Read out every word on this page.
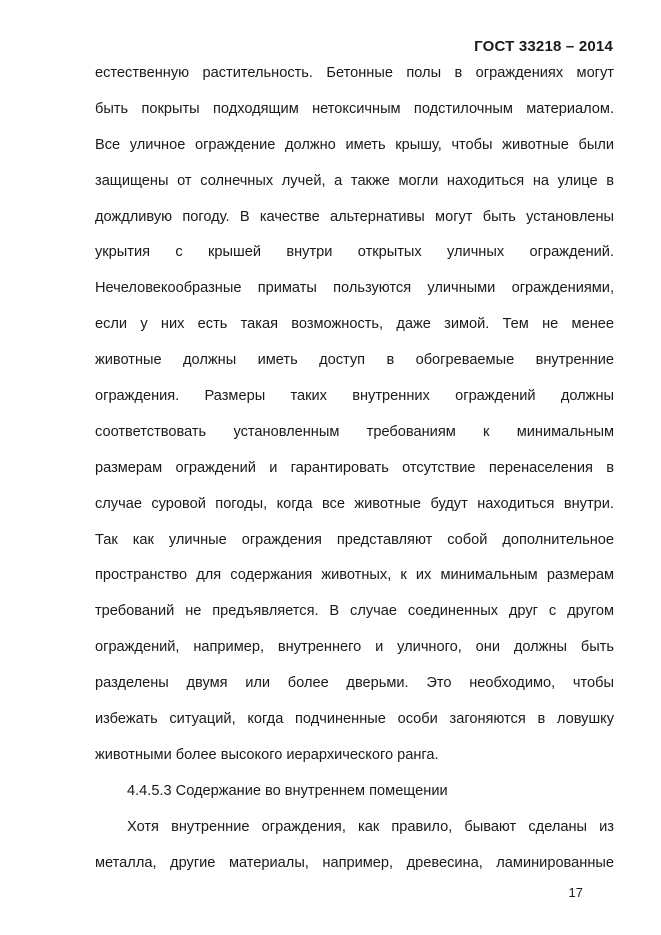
ГОСТ 33218 – 2014
естественную растительность. Бетонные полы в ограждениях могут
быть покрыты подходящим нетоксичным подстилочным материалом.
Все уличное ограждение должно иметь крышу, чтобы животные были
защищены от солнечных лучей, а также могли находиться на улице в
дождливую погоду. В качестве альтернативы могут быть установлены
укрытия с крышей внутри открытых уличных ограждений.
Нечеловекообразные приматы пользуются уличными ограждениями,
если у них есть такая возможность, даже зимой. Тем не менее
животные должны иметь доступ в обогреваемые внутренние
ограждения. Размеры таких внутренних ограждений должны
соответствовать установленным требованиям к минимальным
размерам ограждений и гарантировать отсутствие перенаселения в
случае суровой погоды, когда все животные будут находиться внутри.
Так как уличные ограждения представляют собой дополнительное
пространство для содержания животных, к их минимальным размерам
требований не предъявляется. В случае соединенных друг с другом
ограждений, например, внутреннего и уличного, они должны быть
разделены двумя или более дверьми. Это необходимо, чтобы
избежать ситуаций, когда подчиненные особи загоняются в ловушку
животными более высокого иерархического ранга.
4.4.5.3 Содержание во внутреннем помещении
Хотя внутренние ограждения, как правило, бывают сделаны из
металла, другие материалы, например, древесина, ламинированные
17
